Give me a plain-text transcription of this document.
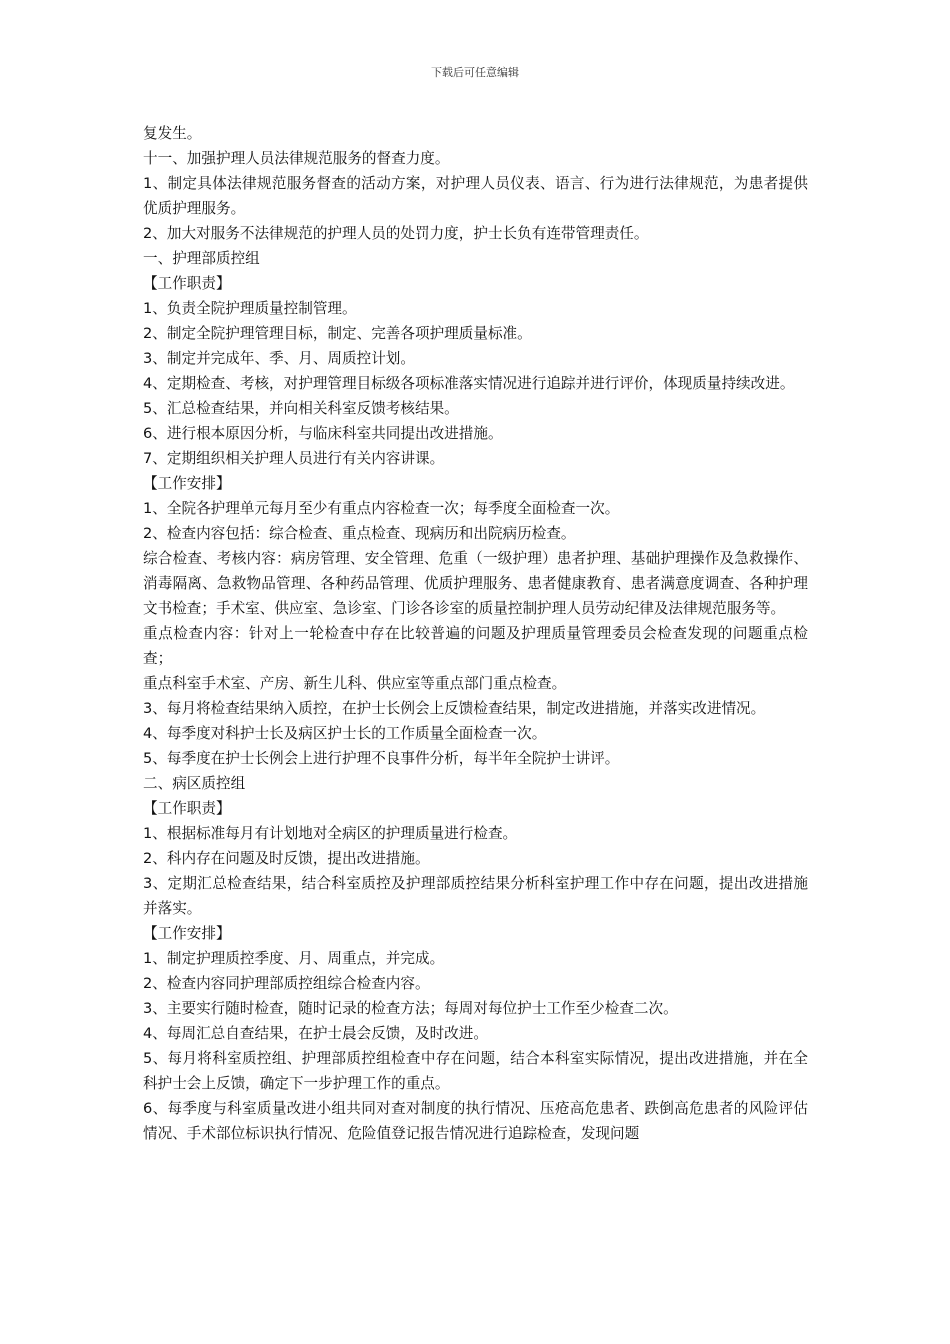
下载后可任意编辑

复发生。

十一、加强护理人员法律规范服务的督查力度。

1、制定具体法律规范服务督查的活动方案，对护理人员仪表、语言、行为进行法律规范，为患者提供优质护理服务。

2、加大对服务不法律规范的护理人员的处罚力度，护士长负有连带管理责任。

一、护理部质控组

【工作职责】

1、负责全院护理质量控制管理。

2、制定全院护理管理目标，制定、完善各项护理质量标准。

3、制定并完成年、季、月、周质控计划。

4、定期检查、考核，对护理管理目标级各项标准落实情况进行追踪并进行评价，体现质量持续改进。

5、汇总检查结果，并向相关科室反馈考核结果。

6、进行根本原因分析，与临床科室共同提出改进措施。

7、定期组织相关护理人员进行有关内容讲课。

【工作安排】

1、全院各护理单元每月至少有重点内容检查一次；每季度全面检查一次。

2、检查内容包括：综合检查、重点检查、现病历和出院病历检查。

综合检查、考核内容：病房管理、安全管理、危重（一级护理）患者护理、基础护理操作及急救操作、消毒隔离、急救物品管理、各种药品管理、优质护理服务、患者健康教育、患者满意度调查、各种护理文书检查；手术室、供应室、急诊室、门诊各诊室的质量控制护理人员劳动纪律及法律规范服务等。

重点检查内容：针对上一轮检查中存在比较普遍的问题及护理质量管理委员会检查发现的问题重点检查；

重点科室手术室、产房、新生儿科、供应室等重点部门重点检查。

3、每月将检查结果纳入质控，在护士长例会上反馈检查结果，制定改进措施，并落实改进情况。

4、每季度对科护士长及病区护士长的工作质量全面检查一次。

5、每季度在护士长例会上进行护理不良事件分析，每半年全院护士讲评。

二、病区质控组

【工作职责】

1、根据标准每月有计划地对全病区的护理质量进行检查。

2、科内存在问题及时反馈，提出改进措施。

3、定期汇总检查结果，结合科室质控及护理部质控结果分析科室护理工作中存在问题，提出改进措施并落实。

【工作安排】

1、制定护理质控季度、月、周重点，并完成。

2、检查内容同护理部质控组综合检查内容。

3、主要实行随时检查，随时记录的检查方法；每周对每位护士工作至少检查二次。

4、每周汇总自查结果，在护士晨会反馈，及时改进。

5、每月将科室质控组、护理部质控组检查中存在问题，结合本科室实际情况，提出改进措施，并在全科护士会上反馈，确定下一步护理工作的重点。

6、每季度与科室质量改进小组共同对查对制度的执行情况、压疮高危患者、跌倒高危患者的风险评估情况、手术部位标识执行情况、危险值登记报告情况进行追踪检查，发现问题
